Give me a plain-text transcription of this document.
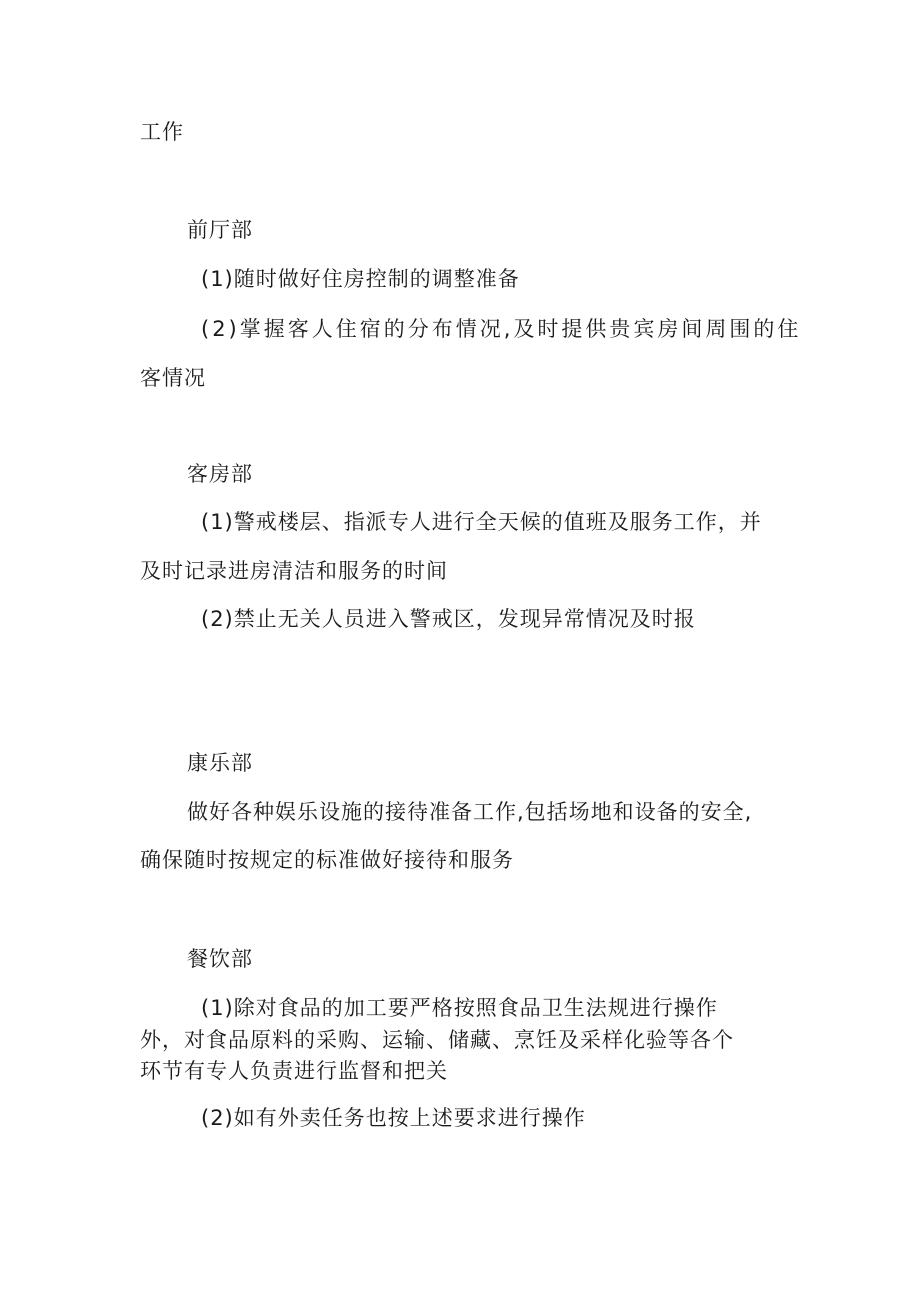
工作
前厅部
(1)随时做好住房控制的调整准备
(2)掌握客人住宿的分布情况,及时提供贵宾房间周围的住
客情况
客房部
(1)警戒楼层、指派专人进行全天候的值班及服务工作，并
及时记录进房清洁和服务的时间
(2)禁止无关人员进入警戒区，发现异常情况及时报
康乐部
做好各种娱乐设施的接待准备工作,包括场地和设备的安全,
确保随时按规定的标准做好接待和服务
餐饮部
(1)除对食品的加工要严格按照食品卫生法规进行操作
外，对食品原料的采购、运输、储藏、烹饪及采样化验等各个
环节有专人负责进行监督和把关
(2)如有外卖任务也按上述要求进行操作
